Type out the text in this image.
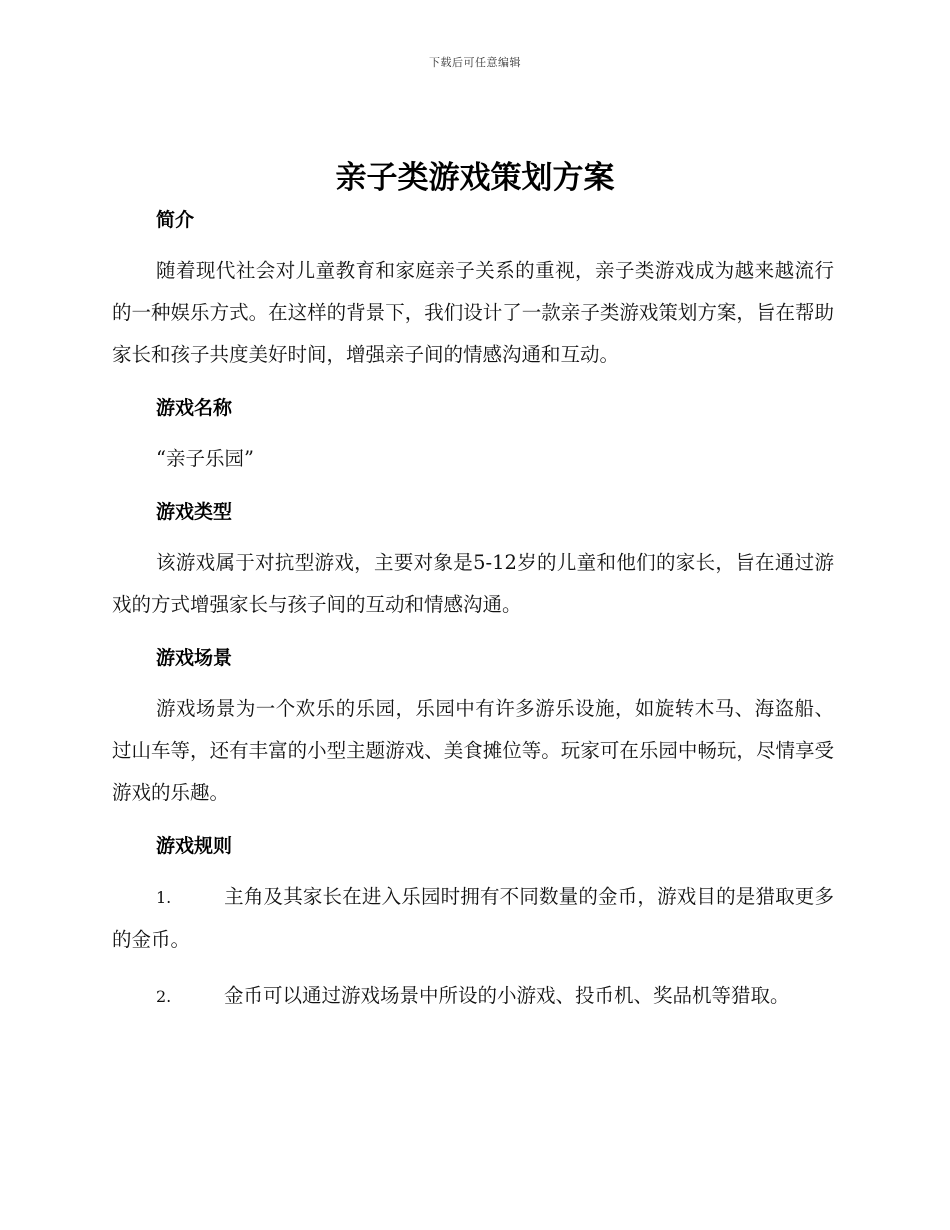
下载后可任意编辑
亲子类游戏策划方案
简介

随着现代社会对儿童教育和家庭亲子关系的重视，亲子类游戏成为越来越流行的一种娱乐方式。在这样的背景下，我们设计了一款亲子类游戏策划方案，旨在帮助家长和孩子共度美好时间，增强亲子间的情感沟通和互动。

游戏名称

“亲子乐园”

游戏类型

该游戏属于对抗型游戏，主要对象是5-12岁的儿童和他们的家长，旨在通过游戏的方式增强家长与孩子间的互动和情感沟通。

游戏场景

游戏场景为一个欢乐的乐园，乐园中有许多游乐设施，如旋转木马、海盗船、过山车等，还有丰富的小型主题游戏、美食摊位等。玩家可在乐园中畅玩，尽情享受游戏的乐趣。

游戏规则

1.	主角及其家长在进入乐园时拥有不同数量的金币，游戏目的是猎取更多的金币。

2.	金币可以通过游戏场景中所设的小游戏、投币机、奖品机等猎取。
